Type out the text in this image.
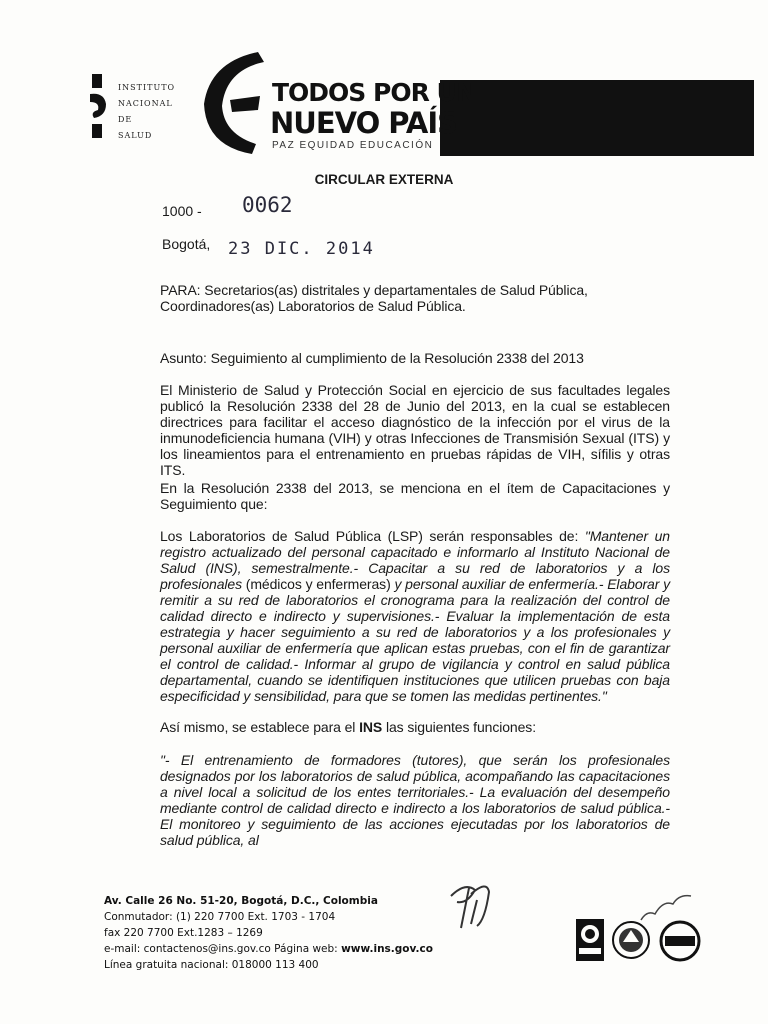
INSTITUTO
NACIONAL DE
SALUD
TODOS POR UN
NUEVO PAÍS
PAZ EQUIDAD EDUCACIÓN
CIRCULAR EXTERNA
1000 - 0062
Bogotá, 23 DIC. 2014

PARA: Secretarios(as) distritales y departamentales de Salud Pública, Coordinadores(as) Laboratorios de Salud Pública.

Asunto: Seguimiento al cumplimiento de la Resolución 2338 del 2013

El Ministerio de Salud y Protección Social en ejercicio de sus facultades legales publicó la Resolución 2338 del 28 de Junio del 2013, en la cual se establecen directrices para facilitar el acceso diagnóstico de la infección por el virus de la inmunodeficiencia humana (VIH) y otras Infecciones de Transmisión Sexual (ITS) y los lineamientos para el entrenamiento en pruebas rápidas de VIH, sífilis y otras ITS.

En la Resolución 2338 del 2013, se menciona en el ítem de Capacitaciones y Seguimiento que:

Los Laboratorios de Salud Pública (LSP) serán responsables de: "Mantener un registro actualizado del personal capacitado e informarlo al Instituto Nacional de Salud (INS), semestralmente.- Capacitar a su red de laboratorios y a los profesionales (médicos y enfermeras) y personal auxiliar de enfermería.- Elaborar y remitir a su red de laboratorios el cronograma para la realización del control de calidad directo e indirecto y supervisiones.- Evaluar la implementación de esta estrategia y hacer seguimiento a su red de laboratorios y a los profesionales y personal auxiliar de enfermería que aplican estas pruebas, con el fin de garantizar el control de calidad.- Informar al grupo de vigilancia y control en salud pública departamental, cuando se identifiquen instituciones que utilicen pruebas con baja especificidad y sensibilidad, para que se tomen las medidas pertinentes."

Así mismo, se establece para el INS las siguientes funciones:

"- El entrenamiento de formadores (tutores), que serán los profesionales designados por los laboratorios de salud pública, acompañando las capacitaciones a nivel local a solicitud de los entes territoriales.- La evaluación del desempeño mediante control de calidad directo e indirecto a los laboratorios de salud pública.- El monitoreo y seguimiento de las acciones ejecutadas por los laboratorios de salud pública, al

Av. Calle 26 No. 51-20, Bogotá, D.C., Colombia
Conmutador: (1) 220 7700 Ext. 1703 - 1704
fax 220 7700 Ext.1283 – 1269
e-mail: contactenos@ins.gov.co Página web: www.ins.gov.co
Línea gratuita nacional: 018000 113 400
